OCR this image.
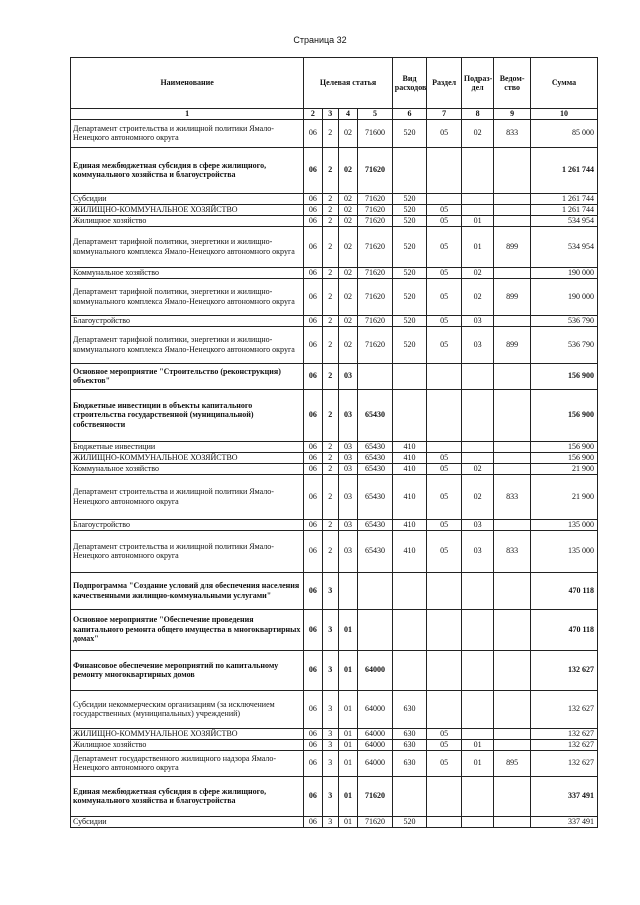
Страница 32
Наименование	Целевая статья				Вид расходов	Раздел	Подраз-дел	Ведом-ство	Сумма
1	2	3	4	5	6	7	8	9	10
Департамент строительства и жилищной политики Ямало-Ненецкого автономного округа	06	2	02	71600	520	05	02	833	85 000
Единая межбюджетная субсидия в сфере жилищного, коммунального хозяйства и благоустройства	06	2	02	71620					1 261 744
Субсидии	06	2	02	71620	520				1 261 744
ЖИЛИЩНО-КОММУНАЛЬНОЕ ХОЗЯЙСТВО	06	2	02	71620	520	05			1 261 744
Жилищное хозяйство	06	2	02	71620	520	05	01		534 954
Департамент тарифной политики, энергетики и жилищно-коммунального комплекса Ямало-Ненецкого автономного округа	06	2	02	71620	520	05	01	899	534 954
Коммунальное хозяйство	06	2	02	71620	520	05	02		190 000
Департамент тарифной политики, энергетики и жилищно-коммунального комплекса Ямало-Ненецкого автономного округа	06	2	02	71620	520	05	02	899	190 000
Благоустройство	06	2	02	71620	520	05	03		536 790
Департамент тарифной политики, энергетики и жилищно-коммунального комплекса Ямало-Ненецкого автономного округа	06	2	02	71620	520	05	03	899	536 790
Основное мероприятие "Строительство (реконструкция) объектов"	06	2	03						156 900
Бюджетные инвестиции в объекты капитального строительства государственной (муниципальной) собственности	06	2	03	65430					156 900
Бюджетные инвестиции	06	2	03	65430	410				156 900
ЖИЛИЩНО-КОММУНАЛЬНОЕ ХОЗЯЙСТВО	06	2	03	65430	410	05			156 900
Коммунальное хозяйство	06	2	03	65430	410	05	02		21 900
Департамент строительства и жилищной политики Ямало-Ненецкого автономного округа	06	2	03	65430	410	05	02	833	21 900
Благоустройство	06	2	03	65430	410	05	03		135 000
Департамент строительства и жилищной политики Ямало-Ненецкого автономного округа	06	2	03	65430	410	05	03	833	135 000
Подпрограмма "Создание условий для обеспечения населения качественными жилищно-коммунальными услугами"	06	3							470 118
Основное мероприятие "Обеспечение проведения капитального ремонта общего имущества в многоквартирных домах"	06	3	01						470 118
Финансовое обеспечение мероприятий по капитальному ремонту многоквартирных домов	06	3	01	64000					132 627
Субсидии некоммерческим организациям (за исключением государственных (муниципальных) учреждений)	06	3	01	64000	630				132 627
ЖИЛИЩНО-КОММУНАЛЬНОЕ ХОЗЯЙСТВО	06	3	01	64000	630	05			132 627
Жилищное хозяйство	06	3	01	64000	630	05	01		132 627
Департамент государственного жилищного надзора Ямало-Ненецкого автономного округа	06	3	01	64000	630	05	01	895	132 627
Единая межбюджетная субсидия в сфере жилищного, коммунального хозяйства и благоустройства	06	3	01	71620					337 491
Субсидии	06	3	01	71620	520				337 491
